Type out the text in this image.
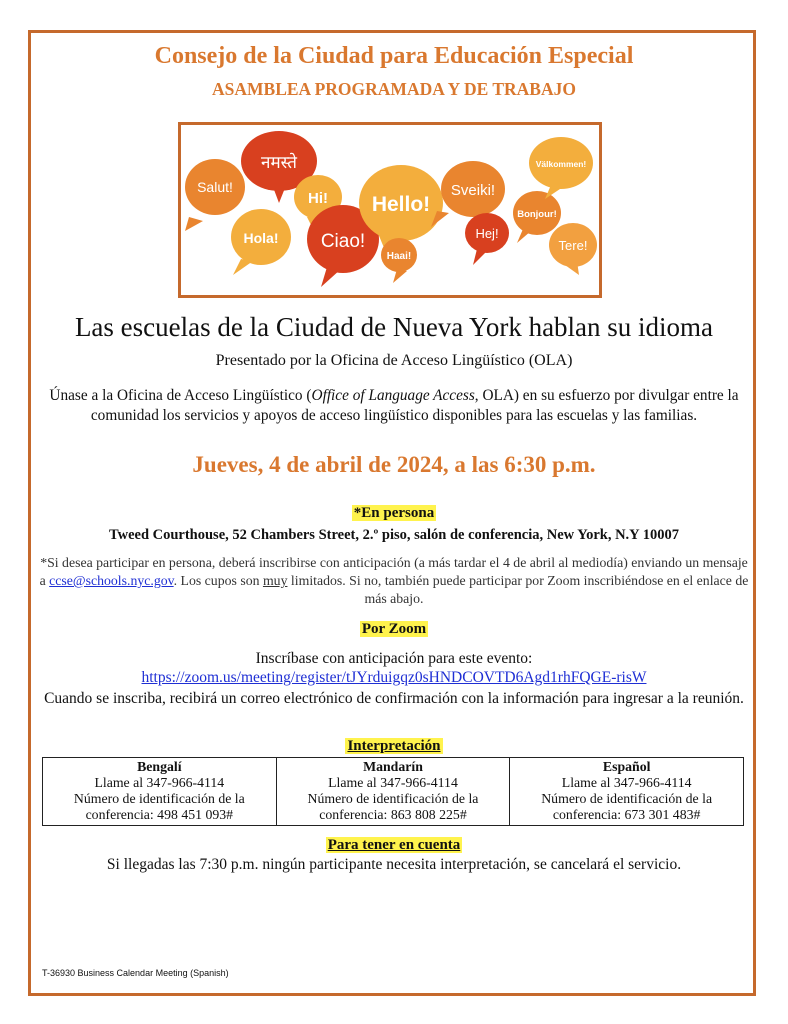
Consejo de la Ciudad para Educación Especial
ASAMBLEA PROGRAMADA Y DE TRABAJO
Salut!
नमस्ते
Hi!
Hola! Ciao!
Hello!
Haai!
Sveiki!
Hej!
Bonjour!
Välkommen!
Tere!
Las escuelas de la Ciudad de Nueva York hablan su idioma
Presentado por la Oficina de Acceso Lingüístico (OLA)
Únase a la Oficina de Acceso Lingüístico (Office of Language Access, OLA) en su esfuerzo por divulgar entre la comunidad los servicios y apoyos de acceso lingüístico disponibles para las escuelas y las familias.
Jueves, 4 de abril de 2024, a las 6:30 p.m.
*En persona
Tweed Courthouse, 52 Chambers Street, 2.º piso, salón de conferencia, New York, N.Y 10007
*Si desea participar en persona, deberá inscribirse con anticipación (a más tardar el 4 de abril al mediodía) enviando un mensaje a ccse@schools.nyc.gov. Los cupos son muy limitados. Si no, también puede participar por Zoom inscribiéndose en el enlace de más abajo.
Por Zoom
Inscríbase con anticipación para este evento:
https://zoom.us/meeting/register/tJYrduigqz0sHNDCOVTD6Agd1rhFQGE-risW
Cuando se inscriba, recibirá un correo electrónico de confirmación con la información para ingresar a la reunión.
Interpretación
Bengalí
Llame al 347-966-4114
Número de identificación de la
conferencia: 498 451 093#

Mandarín
Llame al 347-966-4114
Número de identificación de la
conferencia: 863 808 225#

Español
Llame al 347-966-4114
Número de identificación de la
conferencia: 673 301 483#
Para tener en cuenta
Si llegadas las 7:30 p.m. ningún participante necesita interpretación, se cancelará el servicio.
T-36930 Business Calendar Meeting (Spanish)
